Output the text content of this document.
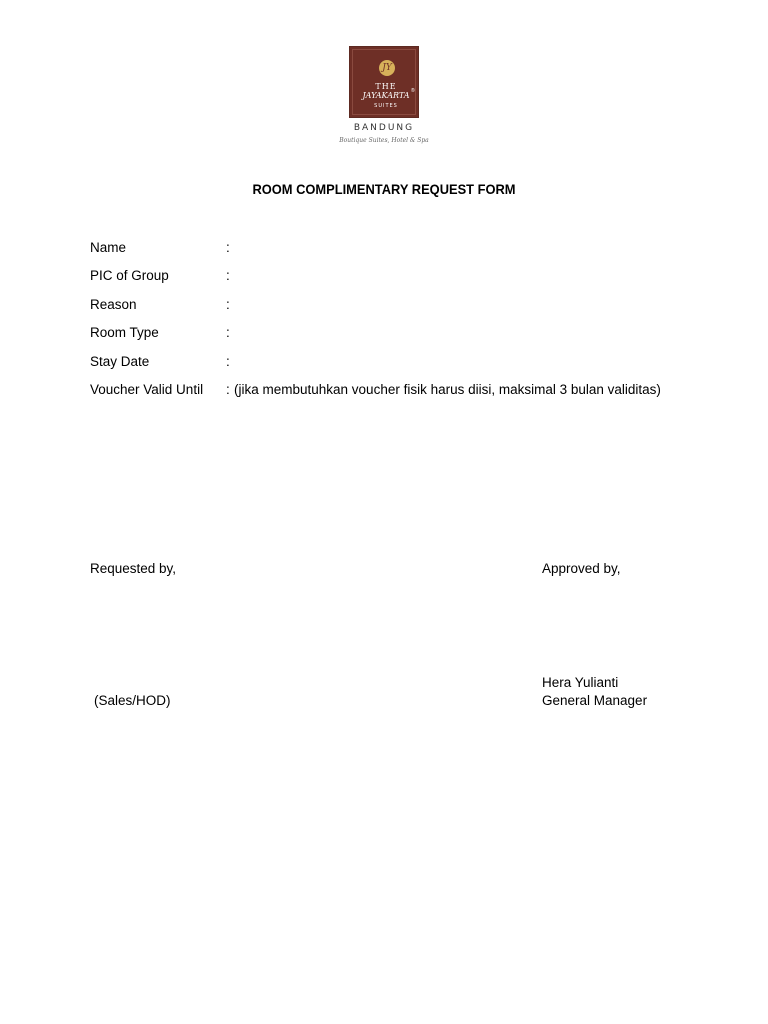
JY
THE
JAYAKARTA ®
SUITES
BANDUNG
Boutique Suites, Hotel & Spa
ROOM COMPLIMENTARY REQUEST FORM
Name	:
PIC of Group	:
Reason	:
Room Type	:
Stay Date	:
Voucher Valid Until : (jika membutuhkan voucher fisik harus diisi, maksimal 3 bulan validitas)
Requested by,	Approved by,
Hera Yulianti
(Sales/HOD)	General Manager
